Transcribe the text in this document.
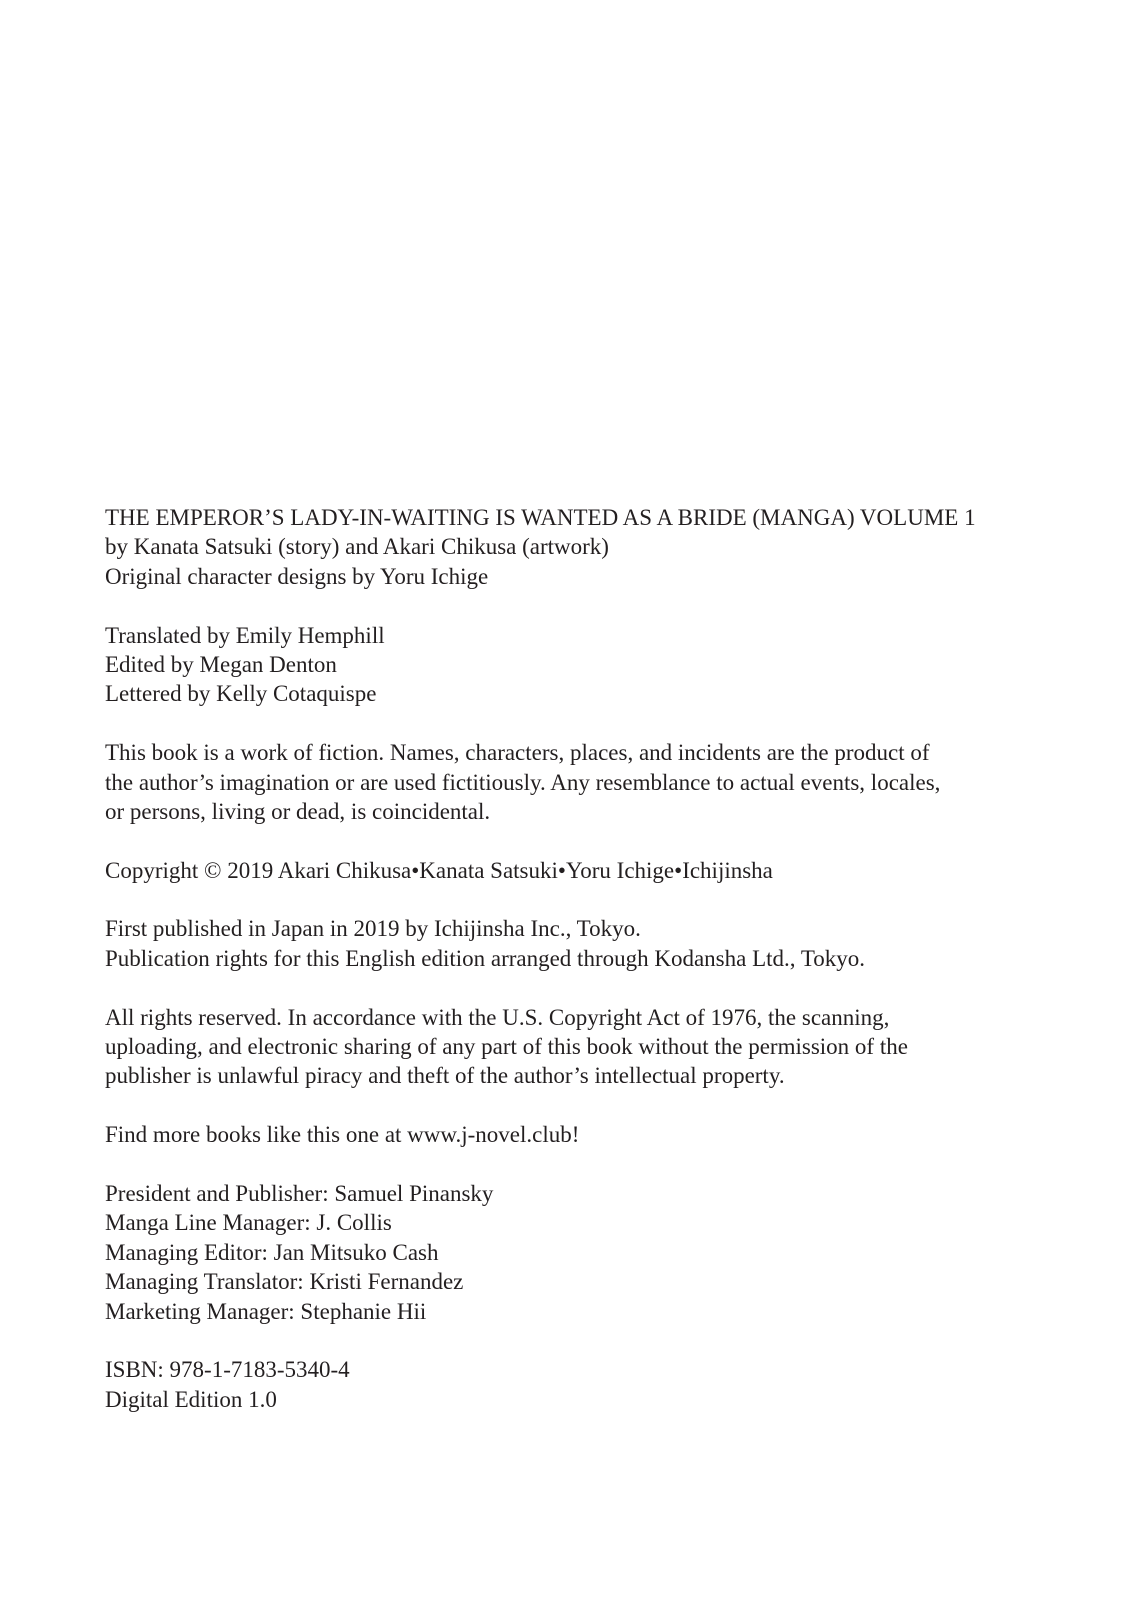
THE EMPEROR’S LADY-IN-WAITING IS WANTED AS A BRIDE (MANGA) VOLUME 1
by Kanata Satsuki (story) and Akari Chikusa (artwork)
Original character designs by Yoru Ichige
Translated by Emily Hemphill
Edited by Megan Denton
Lettered by Kelly Cotaquispe
This book is a work of fiction. Names, characters, places, and incidents are the product of
the author’s imagination or are used fictitiously. Any resemblance to actual events, locales,
or persons, living or dead, is coincidental.
Copyright © 2019 Akari Chikusa•Kanata Satsuki•Yoru Ichige•Ichijinsha
First published in Japan in 2019 by Ichijinsha Inc., Tokyo.
Publication rights for this English edition arranged through Kodansha Ltd., Tokyo.
All rights reserved. In accordance with the U.S. Copyright Act of 1976, the scanning,
uploading, and electronic sharing of any part of this book without the permission of the
publisher is unlawful piracy and theft of the author’s intellectual property.
Find more books like this one at www.j-novel.club!
President and Publisher: Samuel Pinansky
Manga Line Manager: J. Collis
Managing Editor: Jan Mitsuko Cash
Managing Translator: Kristi Fernandez
Marketing Manager: Stephanie Hii
ISBN: 978-1-7183-5340-4
Digital Edition 1.0
